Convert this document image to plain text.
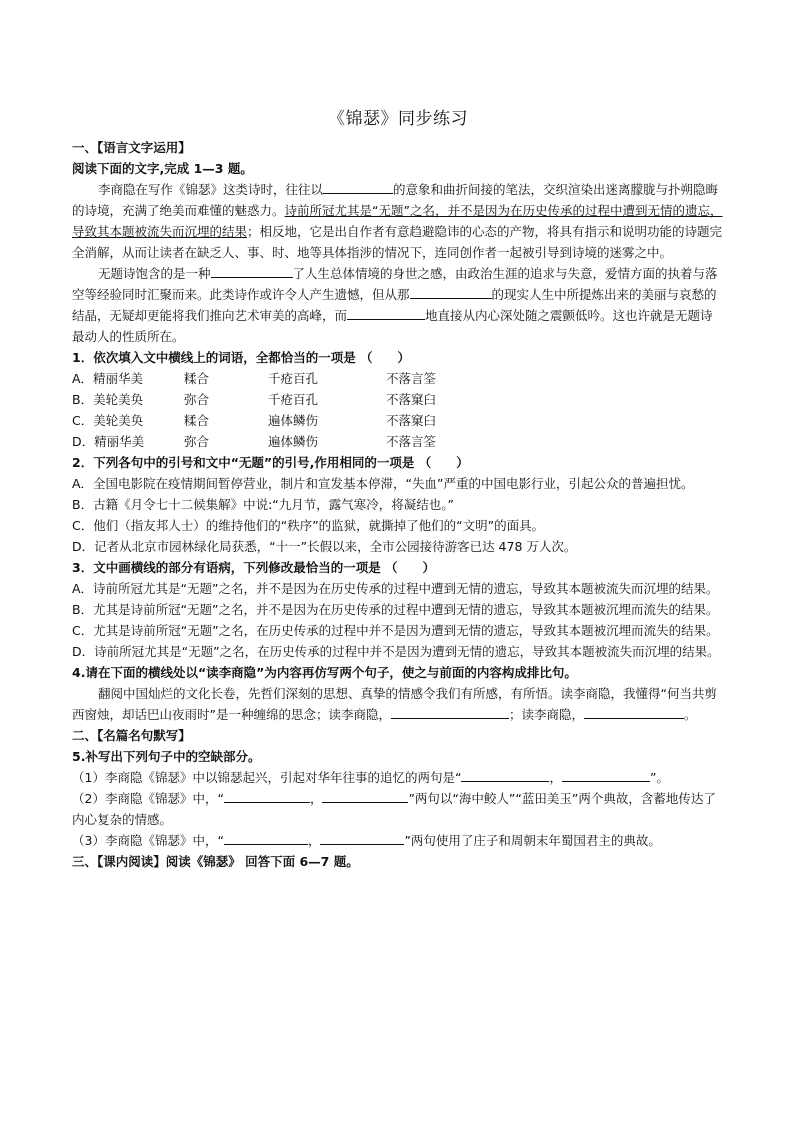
《锦瑟》同步练习

一、【语言文字运用】

阅读下面的文字,完成 1—3 题。

李商隐在写作《锦瑟》这类诗时，往往以	的意象和曲折间接的笔法，交织渲染出迷离朦胧与扑朔隐晦的诗境，充满了绝美而难懂的魅惑力。诗前所冠尤其是“无题”之名，并不是因为在历史传承的过程中遭到无情的遗忘，导致其本题被流失而沉埋的结果；相反地，它是出自作者有意趋避隐讳的心态的产物，将具有指示和说明功能的诗题完全消解，从而让读者在缺乏人、事、时、地等具体指涉的情况下，连同创作者一起被引导到诗境的迷雾之中。

无题诗饱含的是一种	了人生总体情境的身世之感，由政治生涯的追求与失意，爱情方面的执着与落空等经验同时汇聚而来。此类诗作或许令人产生遗憾，但从那	的现实人生中所提炼出来的美丽与哀愁的结晶，无疑却更能将我们推向艺术审美的高峰，而	地直接从内心深处随之震颤低吟。这也许就是无题诗最动人的性质所在。

1．依次填入文中横线上的词语，全都恰当的一项是 （　　）

A．精丽华美	糅合	千疮百孔	不落言筌
B．美轮美奂	弥合	千疮百孔	不落窠臼
C．美轮美奂	糅合	遍体鳞伤	不落窠臼
D．精丽华美	弥合	遍体鳞伤	不落言筌

2．下列各句中的引号和文中“无题”的引号,作用相同的一项是 （　　）

A．全国电影院在疫情期间暂停营业，制片和宣发基本停滞，“失血”严重的中国电影行业，引起公众的普遍担忧。

B．古籍《月令七十二候集解》中说:“九月节，露气寒冷，将凝结也。”

C．他们（指友邦人士）的维持他们的“秩序”的监狱，就撕掉了他们的“文明”的面具。

D．记者从北京市园林绿化局获悉，“十一”长假以来，全市公园接待游客已达 478 万人次。

3．文中画横线的部分有语病，下列修改最恰当的一项是 （　　）

A．诗前所冠尤其是“无题”之名，并不是因为在历史传承的过程中遭到无情的遗忘，导致其本题被流失而沉埋的结果。

B．尤其是诗前所冠“无题”之名，并不是因为在历史传承的过程中遭到无情的遗忘，导致其本题被沉埋而流失的结果。

C．尤其是诗前所冠“无题”之名，在历史传承的过程中并不是因为遭到无情的遗忘，导致其本题被沉埋而流失的结果。

D．诗前所冠尤其是“无题”之名，在历史传承的过程中并不是因为遭到无情的遗忘，导致其本题被流失而沉埋的结果。

4.请在下面的横线处以“读李商隐”为内容再仿写两个句子，使之与前面的内容构成排比句。

翻阅中国灿烂的文化长卷，先哲们深刻的思想、真挚的情感令我们有所感，有所悟。读李商隐，我懂得“何当共剪西窗烛，却话巴山夜雨时”是一种缠绵的思念；读李商隐，	；读李商隐，	。

二、【名篇名句默写】

5.补写出下列句子中的空缺部分。

（1）李商隐《锦瑟》中以锦瑟起兴，引起对华年往事的追忆的两句是“	，	”。

（2）李商隐《锦瑟》中，“	，	”两句以“海中鲛人”“蓝田美玉”两个典故，含蓄地传达了内心复杂的情感。

（3）李商隐《锦瑟》中，“	，	”两句使用了庄子和周朝末年蜀国君主的典故。

三、【课内阅读】阅读《锦瑟》 回答下面 6—7 题。
